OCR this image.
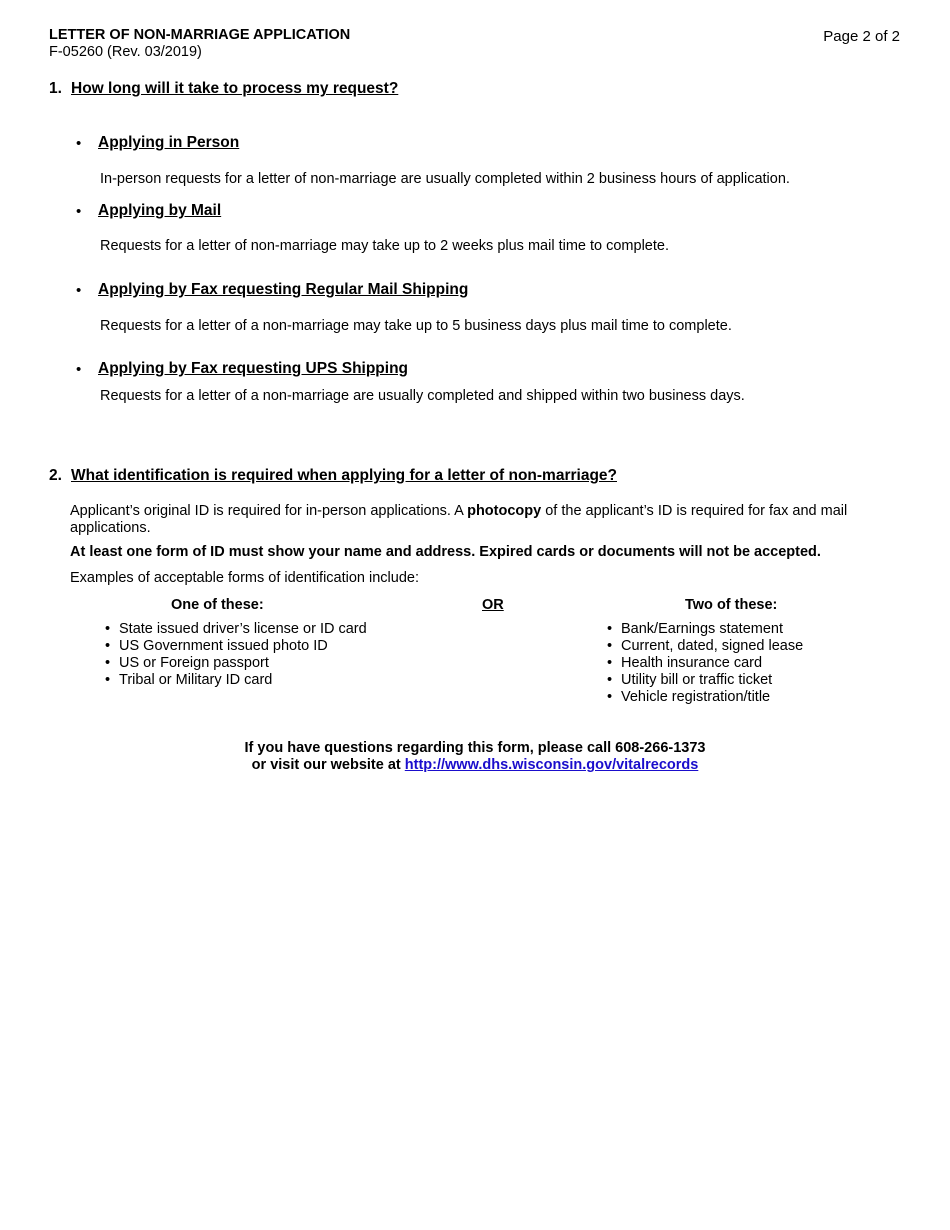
LETTER OF NON-MARRIAGE APPLICATION
F-05260 (Rev. 03/2019)
Page 2 of 2
1. How long will it take to process my request?
• Applying in Person
In-person requests for a letter of non-marriage are usually completed within 2 business hours of application.
• Applying by Mail
Requests for a letter of non-marriage may take up to 2 weeks plus mail time to complete.
• Applying by Fax requesting Regular Mail Shipping
Requests for a letter of a non-marriage may take up to 5 business days plus mail time to complete.
• Applying by Fax requesting UPS Shipping
Requests for a letter of a non-marriage are usually completed and shipped within two business days.
2. What identification is required when applying for a letter of non-marriage?
Applicant’s original ID is required for in-person applications. A photocopy of the applicant’s ID is required for fax and mail applications.
At least one form of ID must show your name and address. Expired cards or documents will not be accepted.
Examples of acceptable forms of identification include:
One of these:	OR	Two of these:
• State issued driver’s license or ID card
• US Government issued photo ID
• US or Foreign passport
• Tribal or Military ID card
• Bank/Earnings statement
• Current, dated, signed lease
• Health insurance card
• Utility bill or traffic ticket
• Vehicle registration/title
If you have questions regarding this form, please call 608-266-1373
or visit our website at http://www.dhs.wisconsin.gov/vitalrecords
